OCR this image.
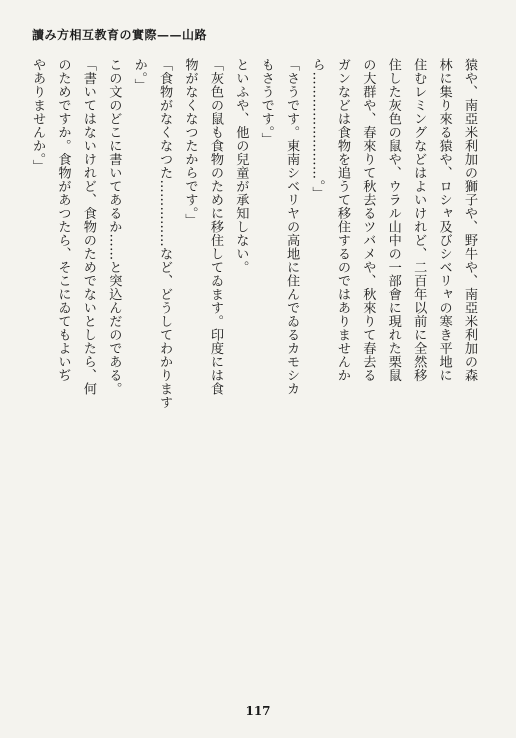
讀み方相互教育の實際——山路
猿や、南亞米利加の獅子や、野牛や、南亞米利加の森
林に集り來る猿や、ロシャ及びシベリャの寒き平地に
住むレミングなどはよいけれど、二百年以前に全然移
住した灰色の鼠や、ウラル山中の一部會に現れた栗鼠
の大群や、春來りて秋去るツバメや、秋來りて春去る
ガンなどは食物を追うて移住するのではありませんか
ら……………………。」
「さうです。東南シベリヤの高地に住んでゐるカモシカ
もさうです。」
といふや、他の兒童が承知しない。
「灰色の鼠も食物のために移住してゐます。印度には食
物がなくなつたからです。」
「食物がなくなつた……………など、どうしてわかります
か。」
この文のどこに書いてあるか……と突込んだのである。
「書いてはないけれど、食物のためでないとしたら、何
のためですか。食物があつたら、そこにゐてもよいぢ
やありませんか。」

117
